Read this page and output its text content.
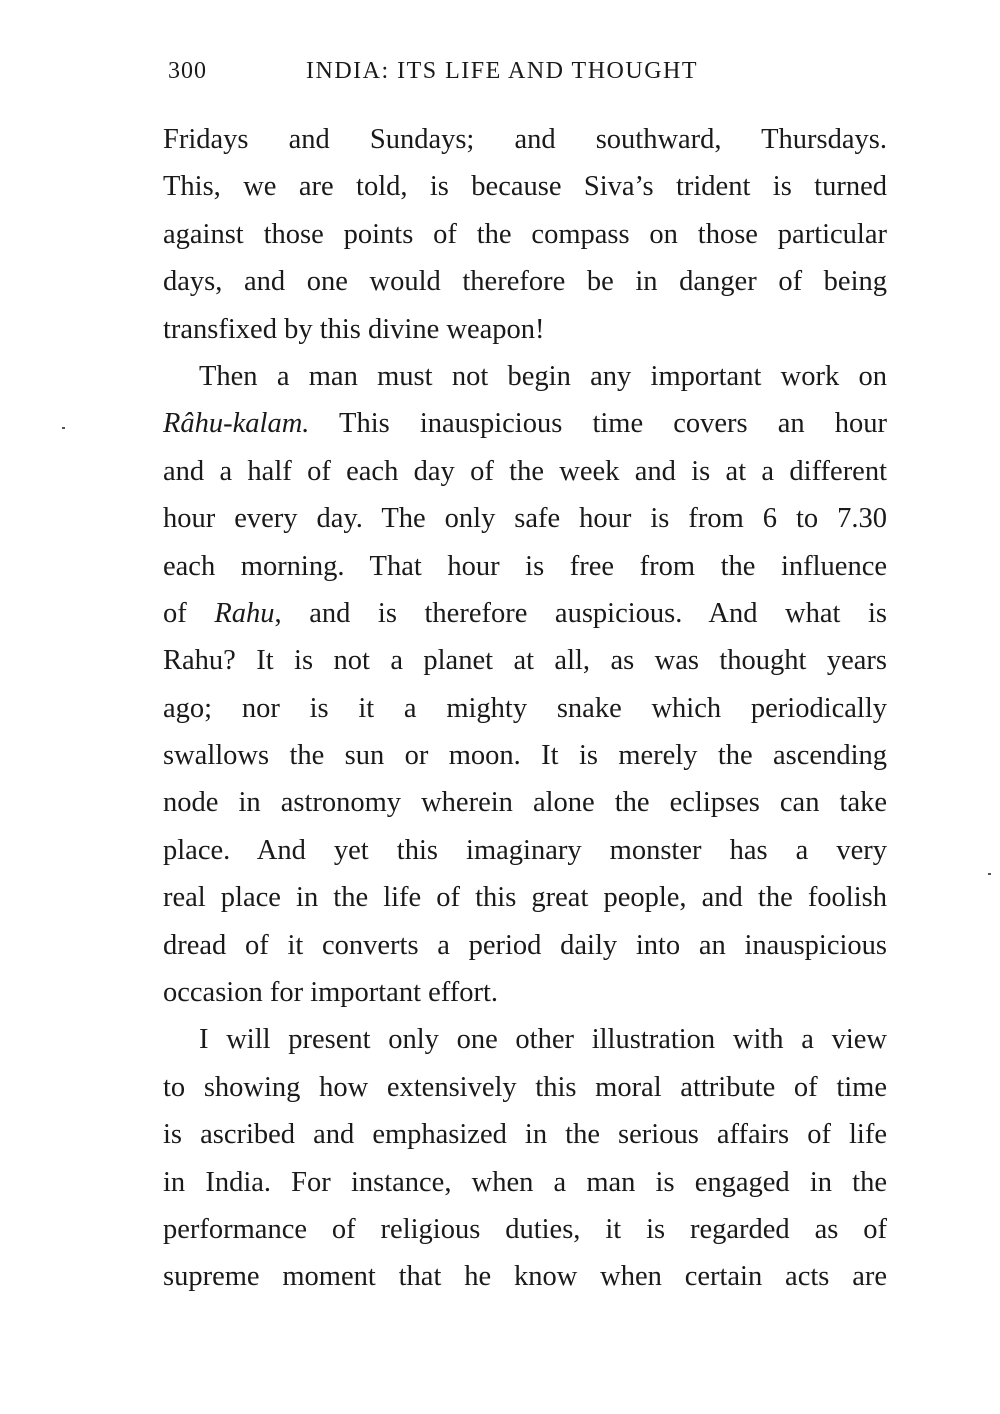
300	INDIA: ITS LIFE AND THOUGHT
Fridays and Sundays; and southward, Thursdays.
This, we are told, is because Siva’s trident is turned
against those points of the compass on those particular
days, and one would therefore be in danger of being
transfixed by this divine weapon!
Then a man must not begin any important work on
Râhu-kalam. This inauspicious time covers an hour
and a half of each day of the week and is at a different
hour every day. The only safe hour is from 6 to 7.30
each morning. That hour is free from the influence
of Rahu, and is therefore auspicious. And what is
Rahu? It is not a planet at all, as was thought years
ago; nor is it a mighty snake which periodically
swallows the sun or moon. It is merely the ascending
node in astronomy wherein alone the eclipses can take
place. And yet this imaginary monster has a very
real place in the life of this great people, and the foolish
dread of it converts a period daily into an inauspicious
occasion for important effort.
I will present only one other illustration with a view
to showing how extensively this moral attribute of time
is ascribed and emphasized in the serious affairs of life
in India. For instance, when a man is engaged in the
performance of religious duties, it is regarded as of
supreme moment that he know when certain acts are
